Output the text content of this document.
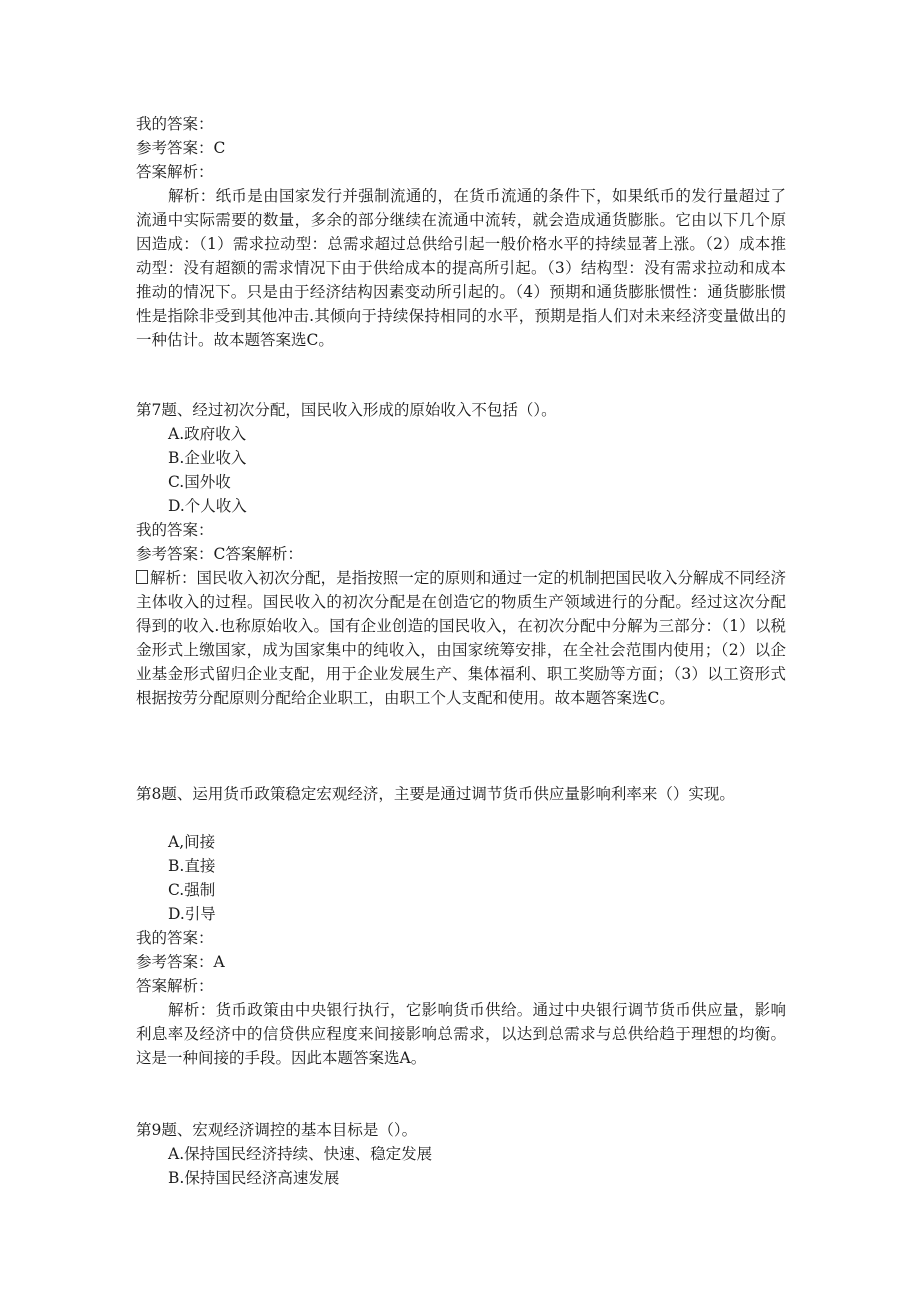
我的答案：
参考答案：C
答案解析：
解析：纸币是由国家发行并强制流通的，在货币流通的条件下，如果纸币的发行量超过了流通中实际需要的数量，多余的部分继续在流通中流转，就会造成通货膨胀。它由以下几个原因造成：（1）需求拉动型：总需求超过总供给引起一般价格水平的持续显著上涨。（2）成本推动型：没有超额的需求情况下由于供给成本的提高所引起。（3）结构型：没有需求拉动和成本推动的情况下。只是由于经济结构因素变动所引起的。（4）预期和通货膨胀惯性：通货膨胀惯性是指除非受到其他冲击.其倾向于持续保持相同的水平，预期是指人们对未来经济变量做出的一种估计。故本题答案选C。
第7题、经过初次分配，国民收入形成的原始收入不包括（）。
A.政府收入
B.企业收入
C.国外收
D.个人收入
我的答案：
参考答案：C答案解析：
解析：国民收入初次分配，是指按照一定的原则和通过一定的机制把国民收入分解成不同经济主体收入的过程。国民收入的初次分配是在创造它的物质生产领域进行的分配。经过这次分配得到的收入.也称原始收入。国有企业创造的国民收入，在初次分配中分解为三部分：（1）以税金形式上缴国家，成为国家集中的纯收入，由国家统筹安排，在全社会范围内使用；（2）以企业基金形式留归企业支配，用于企业发展生产、集体福利、职工奖励等方面；（3）以工资形式根据按劳分配原则分配给企业职工，由职工个人支配和使用。故本题答案选C。
第8题、运用货币政策稳定宏观经济，主要是通过调节货币供应量影响利率来（）实现。
A,间接
B.直接
C.强制
D.引导
我的答案：
参考答案：A
答案解析：
解析：货币政策由中央银行执行，它影响货币供给。通过中央银行调节货币供应量，影响利息率及经济中的信贷供应程度来间接影响总需求，以达到总需求与总供给趋于理想的均衡。这是一种间接的手段。因此本题答案选A。
第9题、宏观经济调控的基本目标是（）。
A.保持国民经济持续、快速、稳定发展
B.保持国民经济高速发展
